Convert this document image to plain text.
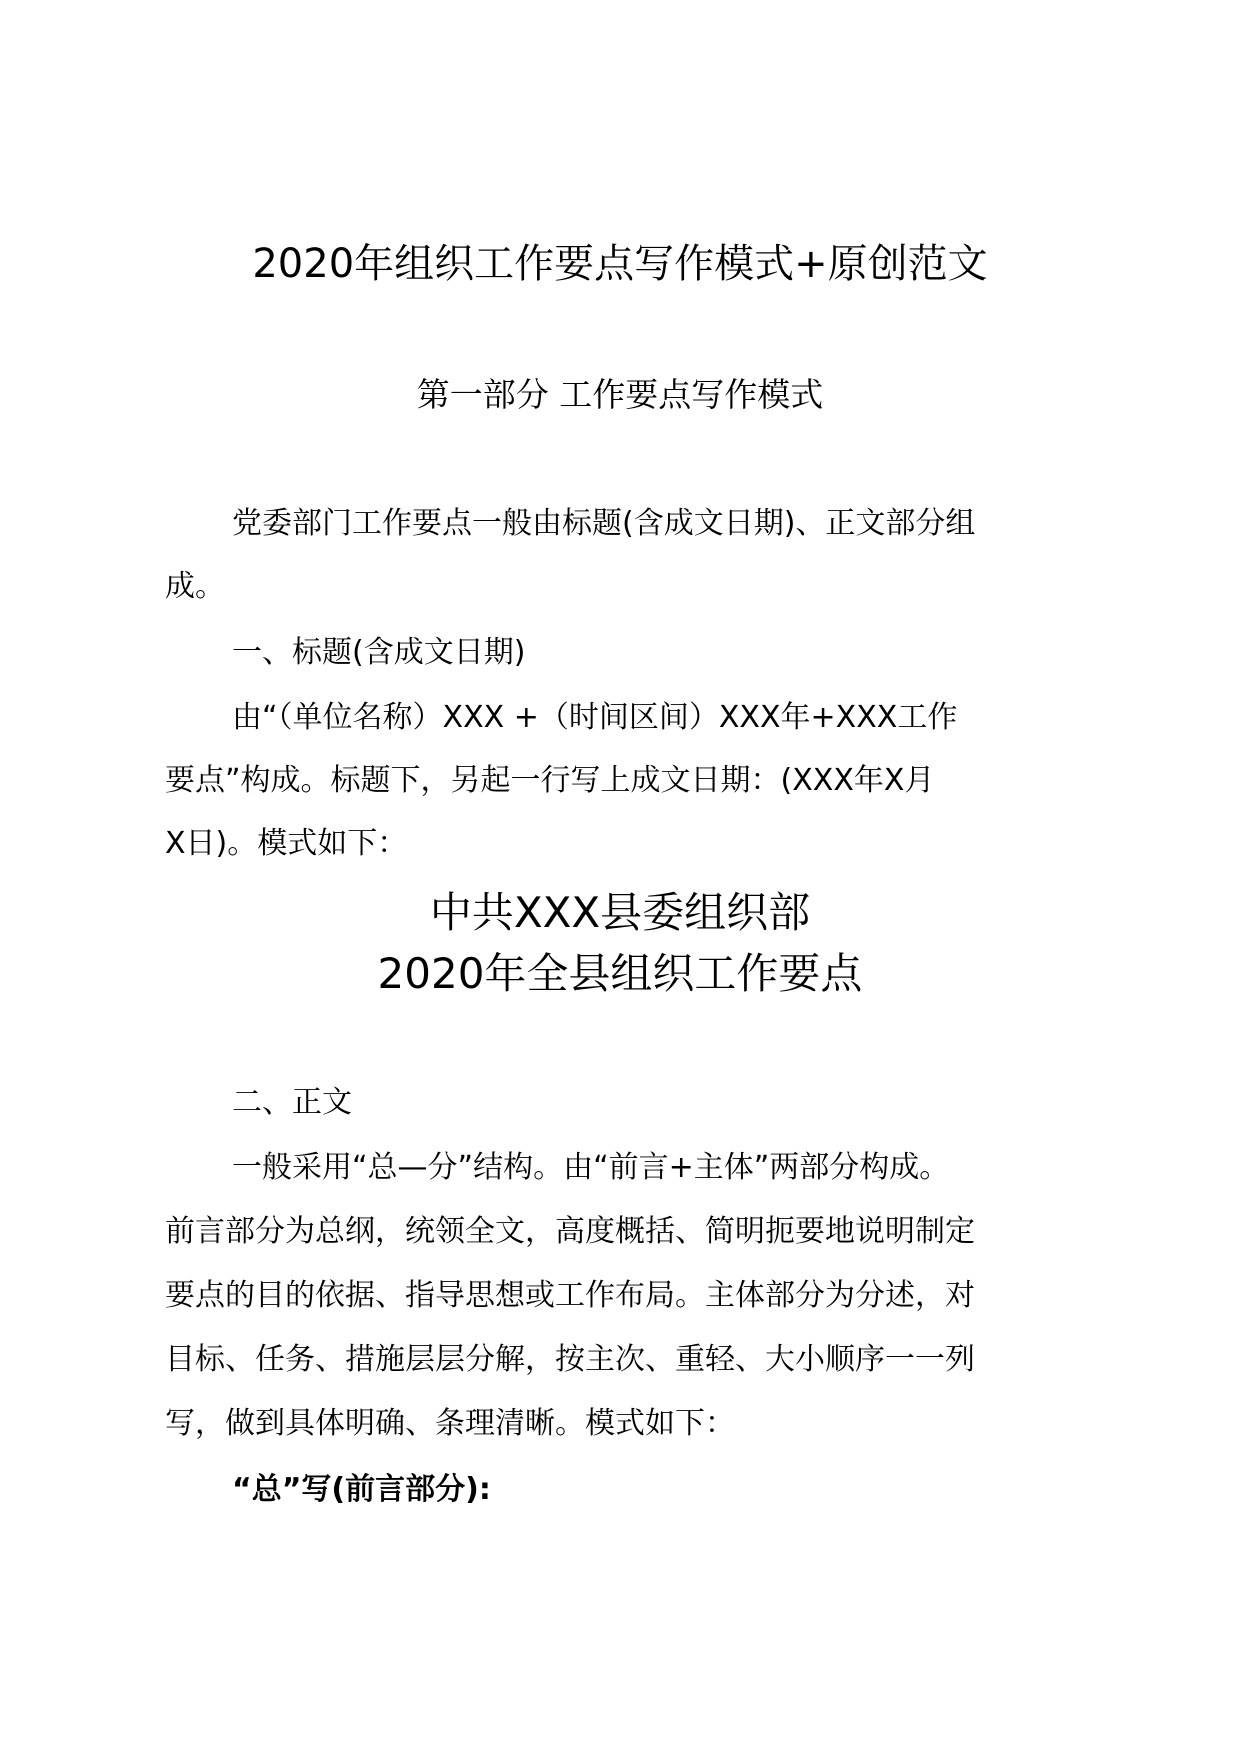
2020年组织工作要点写作模式+原创范文
第一部分 工作要点写作模式
党委部门工作要点一般由标题(含成文日期)、正文部分组
成。
一、标题(含成文日期)
由“（单位名称）XXX +（时间区间）XXX年+XXX工作
要点”构成。标题下，另起一行写上成文日期：(XXX年X月
X日)。模式如下：
中共XXX县委组织部
2020年全县组织工作要点
二、正文
一般采用“总—分”结构。由“前言+主体”两部分构成。
前言部分为总纲，统领全文，高度概括、简明扼要地说明制定
要点的目的依据、指导思想或工作布局。主体部分为分述，对
目标、任务、措施层层分解，按主次、重轻、大小顺序一一列
写，做到具体明确、条理清晰。模式如下：
“总”写(前言部分):
